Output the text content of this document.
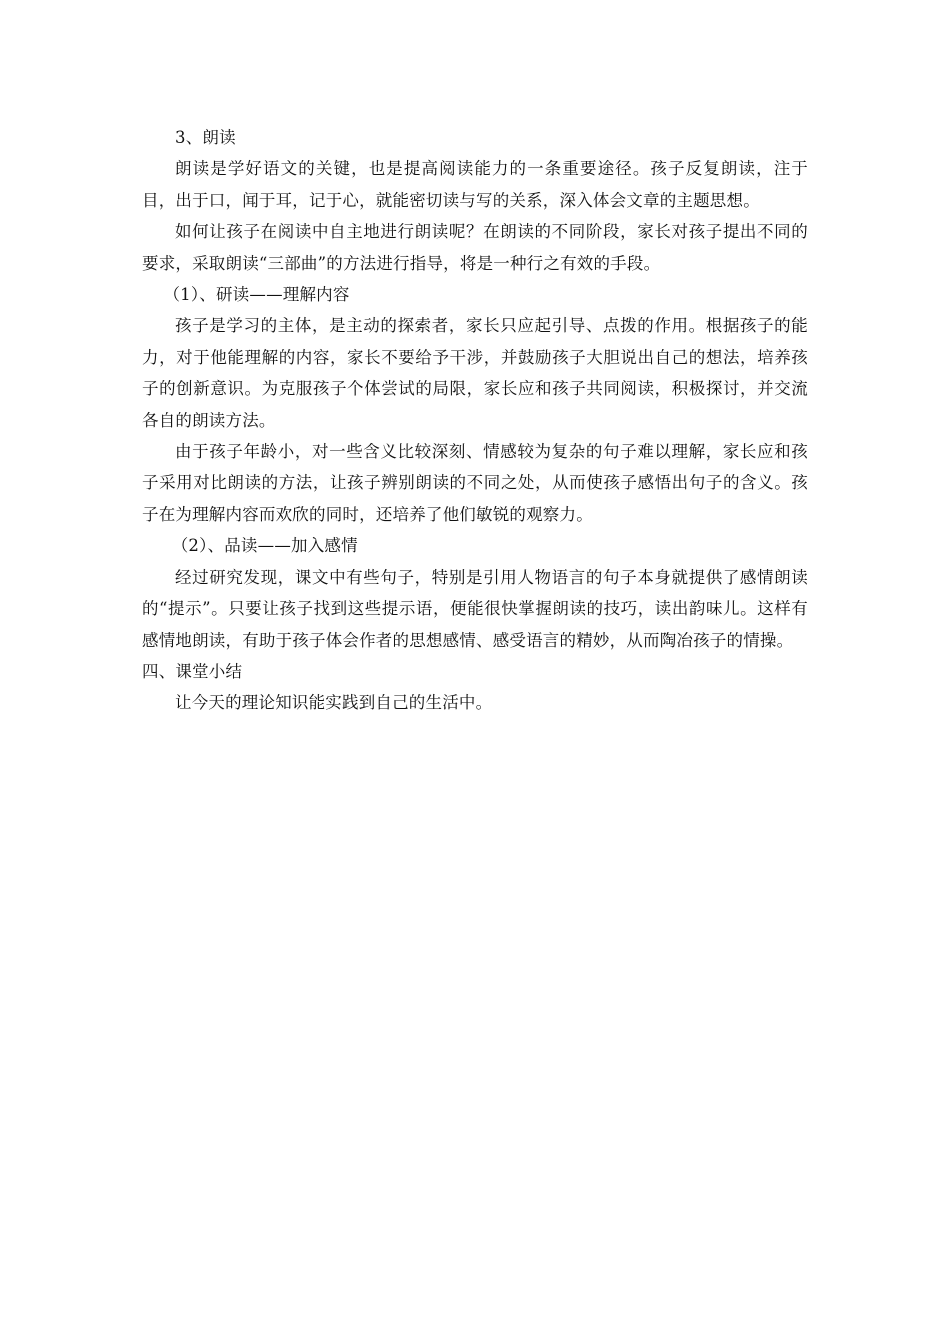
3、朗读

朗读是学好语文的关键，也是提高阅读能力的一条重要途径。孩子反复朗读，注于目，出于口，闻于耳，记于心，就能密切读与写的关系，深入体会文章的主题思想。

如何让孩子在阅读中自主地进行朗读呢？在朗读的不同阶段，家长对孩子提出不同的要求，采取朗读“三部曲”的方法进行指导，将是一种行之有效的手段。

（1）、研读——理解内容

孩子是学习的主体，是主动的探索者，家长只应起引导、点拨的作用。根据孩子的能力，对于他能理解的内容，家长不要给予干涉，并鼓励孩子大胆说出自己的想法，培养孩子的创新意识。为克服孩子个体尝试的局限，家长应和孩子共同阅读，积极探讨，并交流各自的朗读方法。

由于孩子年龄小，对一些含义比较深刻、情感较为复杂的句子难以理解，家长应和孩子采用对比朗读的方法，让孩子辨别朗读的不同之处，从而使孩子感悟出句子的含义。孩子在为理解内容而欢欣的同时，还培养了他们敏锐的观察力。

（2）、品读——加入感情

经过研究发现，课文中有些句子，特别是引用人物语言的句子本身就提供了感情朗读的“提示”。只要让孩子找到这些提示语，便能很快掌握朗读的技巧，读出韵味儿。这样有感情地朗读，有助于孩子体会作者的思想感情、感受语言的精妙，从而陶冶孩子的情操。

四、课堂小结

让今天的理论知识能实践到自己的生活中。
